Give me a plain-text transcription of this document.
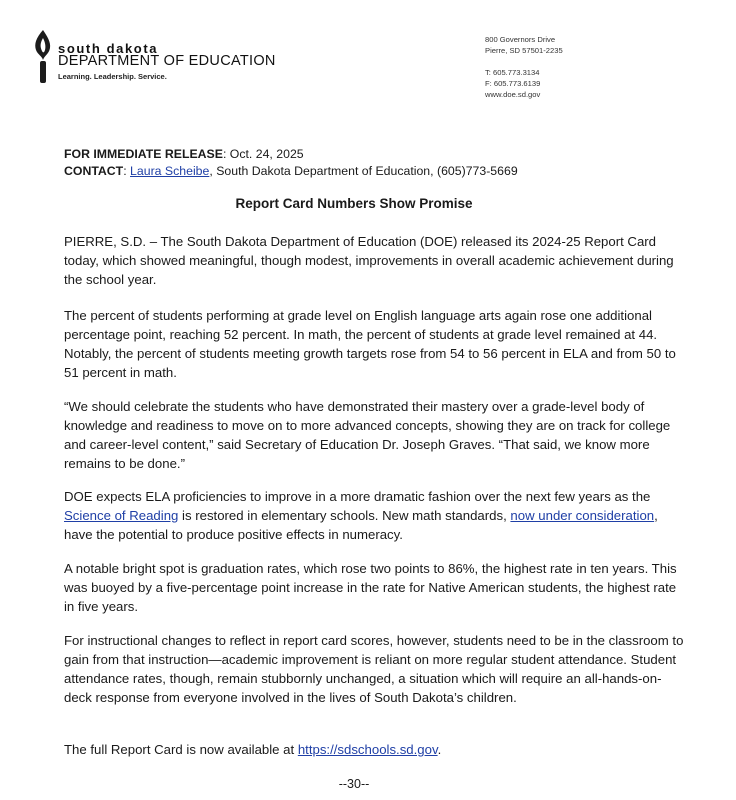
south dakota
DEPARTMENT OF EDUCATION
Learning. Leadership. Service.
800 Governors Drive
Pierre, SD 57501-2235
T: 605.773.3134
F: 605.773.6139
www.doe.sd.gov
FOR IMMEDIATE RELEASE: Oct. 24, 2025
CONTACT: Laura Scheibe, South Dakota Department of Education, (605)773-5669
Report Card Numbers Show Promise
PIERRE, S.D. – The South Dakota Department of Education (DOE) released its 2024-25 Report Card today, which showed meaningful, though modest, improvements in overall academic achievement during the school year.
The percent of students performing at grade level on English language arts again rose one additional percentage point, reaching 52 percent. In math, the percent of students at grade level remained at 44. Notably, the percent of students meeting growth targets rose from 54 to 56 percent in ELA and from 50 to 51 percent in math.
“We should celebrate the students who have demonstrated their mastery over a grade-level body of knowledge and readiness to move on to more advanced concepts, showing they are on track for college and career-level content,” said Secretary of Education Dr. Joseph Graves. “That said, we know more remains to be done.”
DOE expects ELA proficiencies to improve in a more dramatic fashion over the next few years as the Science of Reading is restored in elementary schools. New math standards, now under consideration, have the potential to produce positive effects in numeracy.
A notable bright spot is graduation rates, which rose two points to 86%, the highest rate in ten years. This was buoyed by a five-percentage point increase in the rate for Native American students, the highest rate in five years.
For instructional changes to reflect in report card scores, however, students need to be in the classroom to gain from that instruction—academic improvement is reliant on more regular student attendance. Student attendance rates, though, remain stubbornly unchanged, a situation which will require an all-hands-on-deck response from everyone involved in the lives of South Dakota’s children.
The full Report Card is now available at https://sdschools.sd.gov.
--30--
